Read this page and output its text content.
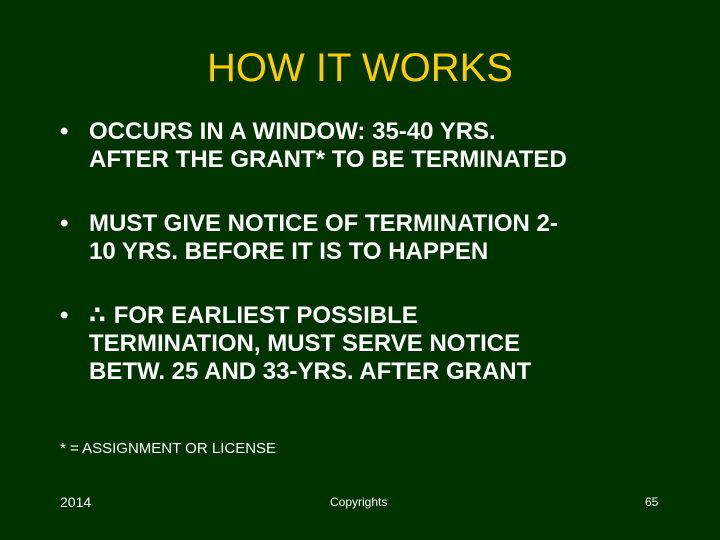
HOW IT WORKS
• OCCURS IN A WINDOW: 35-40 YRS.
AFTER THE GRANT* TO BE TERMINATED
• MUST GIVE NOTICE OF TERMINATION 2-
10 YRS. BEFORE IT IS TO HAPPEN
• ∴ FOR EARLIEST POSSIBLE
TERMINATION, MUST SERVE NOTICE
BETW. 25 AND 33-YRS. AFTER GRANT
* = ASSIGNMENT OR LICENSE
2014	Copyrights	65
